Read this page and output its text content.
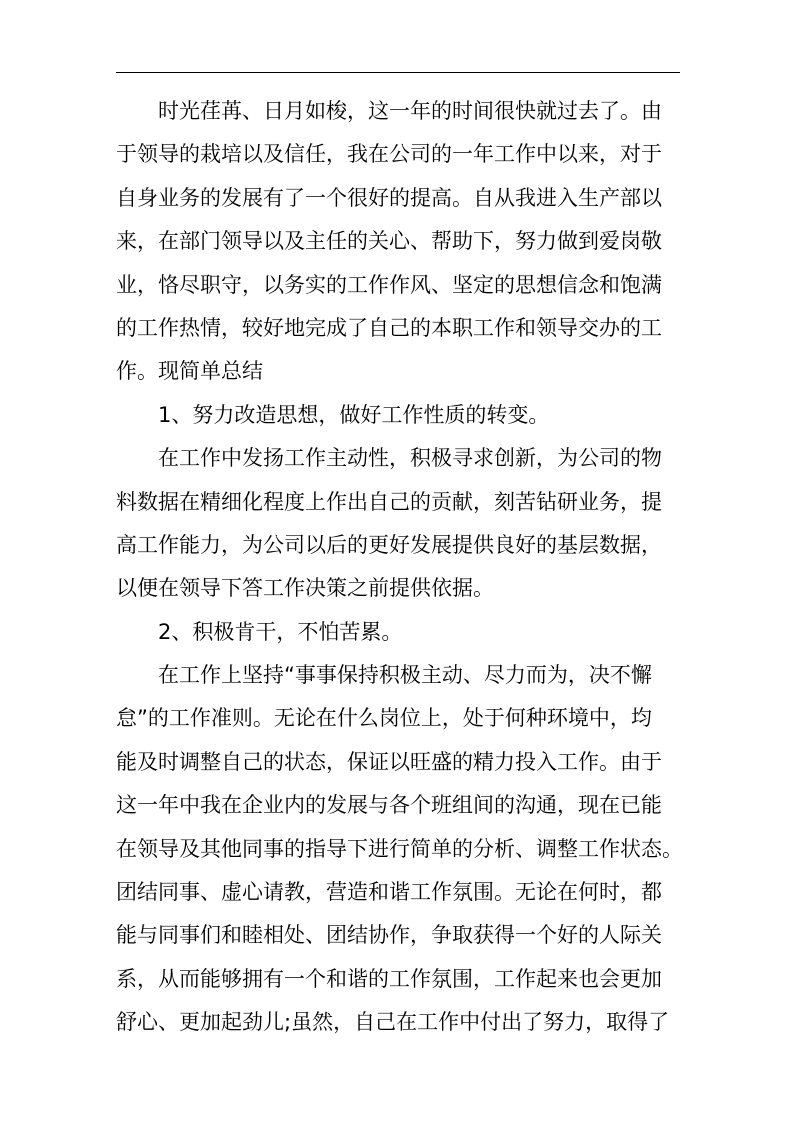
时光荏苒、日月如梭，这一年的时间很快就过去了。由
于领导的栽培以及信任，我在公司的一年工作中以来，对于
自身业务的发展有了一个很好的提高。自从我进入生产部以
来，在部门领导以及主任的关心、帮助下，努力做到爱岗敬
业，恪尽职守，以务实的工作作风、坚定的思想信念和饱满
的工作热情，较好地完成了自己的本职工作和领导交办的工
作。现简单总结
1、努力改造思想，做好工作性质的转变。
在工作中发扬工作主动性，积极寻求创新，为公司的物
料数据在精细化程度上作出自己的贡献，刻苦钻研业务，提
高工作能力，为公司以后的更好发展提供良好的基层数据，
以便在领导下答工作决策之前提供依据。
2、积极肯干，不怕苦累。
在工作上坚持“事事保持积极主动、尽力而为，决不懈
怠”的工作准则。无论在什么岗位上，处于何种环境中，均
能及时调整自己的状态，保证以旺盛的精力投入工作。由于
这一年中我在企业内的发展与各个班组间的沟通，现在已能
在领导及其他同事的指导下进行简单的分析、调整工作状态。
团结同事、虚心请教，营造和谐工作氛围。无论在何时，都
能与同事们和睦相处、团结协作，争取获得一个好的人际关
系，从而能够拥有一个和谐的工作氛围，工作起来也会更加
舒心、更加起劲儿;虽然，自己在工作中付出了努力，取得了
